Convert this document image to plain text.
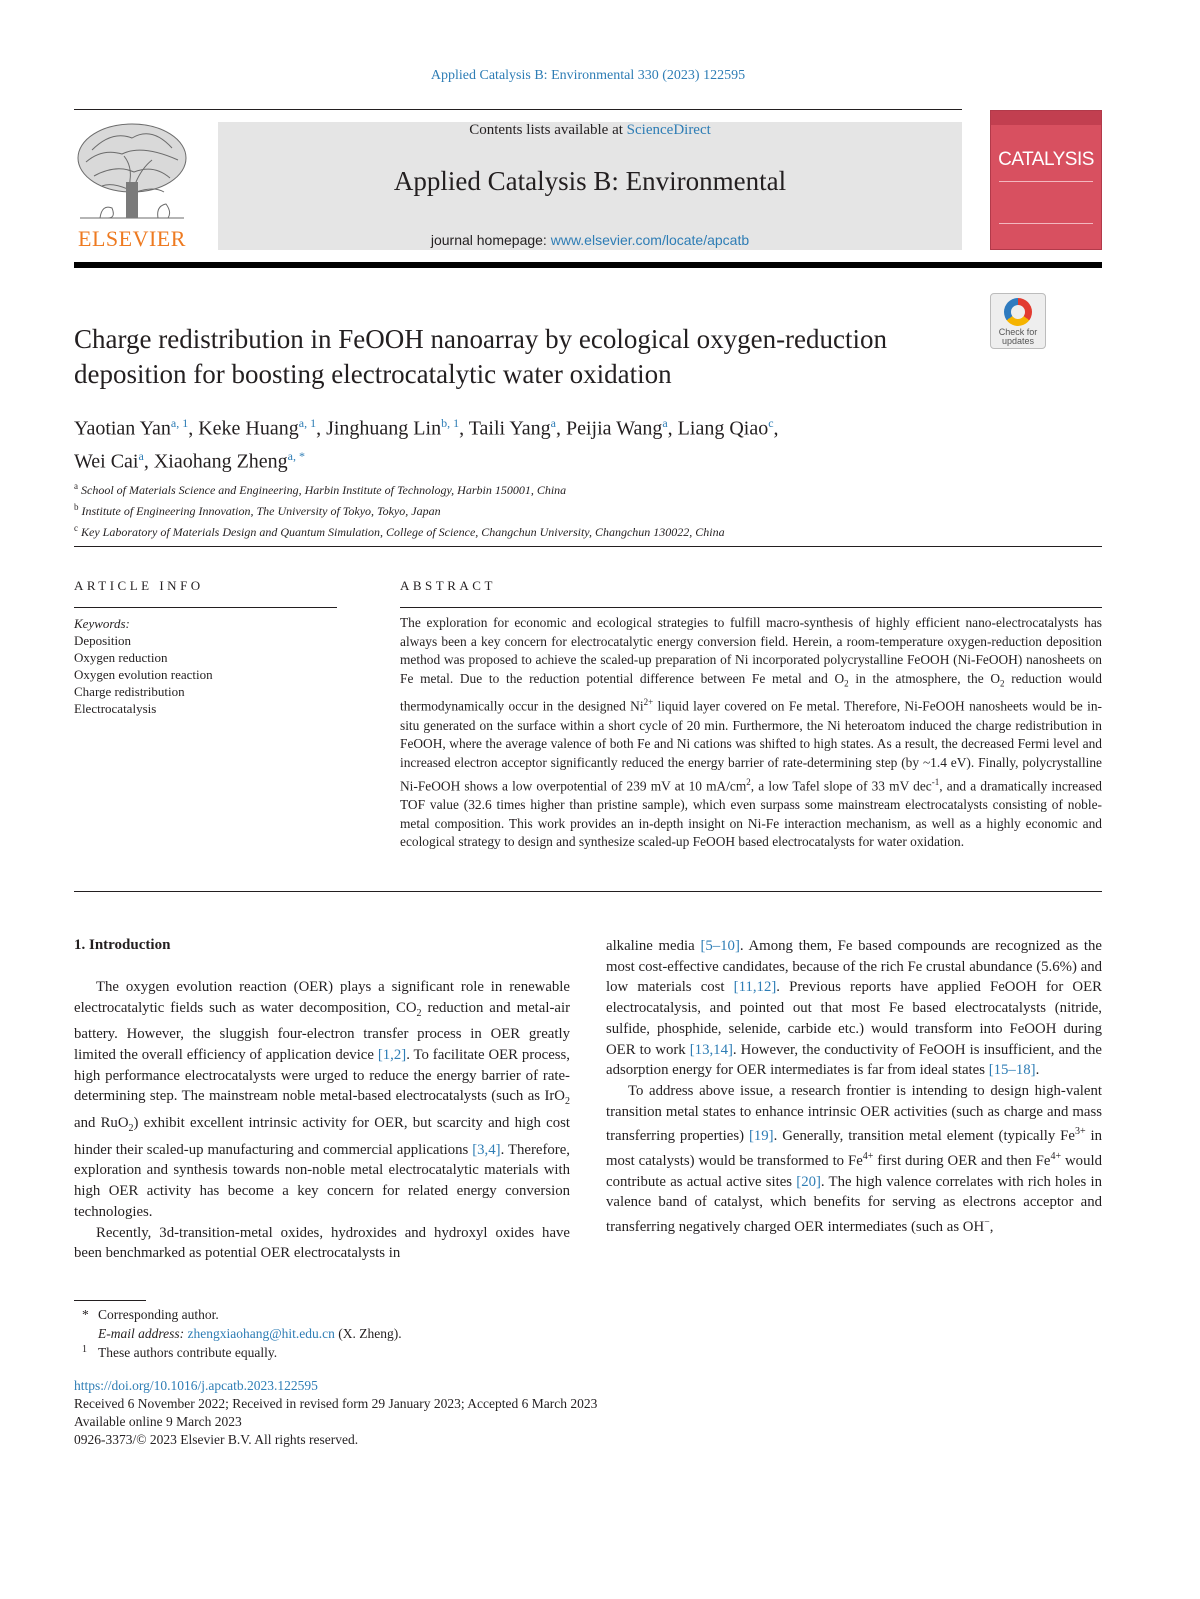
Applied Catalysis B: Environmental 330 (2023) 122595
ELSEVIER
Contents lists available at ScienceDirect
Applied Catalysis B: Environmental
journal homepage: www.elsevier.com/locate/apcatb
CATALYSIS
Charge redistribution in FeOOH nanoarray by ecological oxygen-reduction
deposition for boosting electrocatalytic water oxidation
Check for updates
Yaotian Yan$^{a, 1}$, Keke Huang$^{a, 1}$, Jinghuang Lin$^{b, 1}$, Taili Yang$^a$, Peijia Wang$^a$, Liang Qiao$^c$,
Wei Cai$^a$, Xiaohang Zheng$^{a, *}$
$^a$ School of Materials Science and Engineering, Harbin Institute of Technology, Harbin 150001, China
$^b$ Institute of Engineering Innovation, The University of Tokyo, Tokyo, Japan
$^c$ Key Laboratory of Materials Design and Quantum Simulation, College of Science, Changchun University, Changchun 130022, China
ARTICLE INFO	ABSTRACT
Keywords:
Deposition
Oxygen reduction
Oxygen evolution reaction
Charge redistribution
Electrocatalysis
The exploration for economic and ecological strategies to fulfill macro-synthesis of highly efficient nano-electrocatalysts has always been a key concern for electrocatalytic energy conversion field. Herein, a room-temperature oxygen-reduction deposition method was proposed to achieve the scaled-up preparation of Ni incorporated polycrystalline FeOOH (Ni-FeOOH) nanosheets on Fe metal. Due to the reduction potential difference between Fe metal and $O_2$ in the atmosphere, the $O_2$ reduction would thermodynamically occur in the designed $Ni^{2+}$ liquid layer covered on Fe metal. Therefore, Ni-FeOOH nanosheets would be in-situ generated on the surface within a short cycle of 20 min. Furthermore, the Ni heteroatom induced the charge redistribution in FeOOH, where the average valence of both Fe and Ni cations was shifted to high states. As a result, the decreased Fermi level and increased electron acceptor significantly reduced the energy barrier of rate-determining step (by ~1.4 eV). Finally, polycrystalline Ni-FeOOH shows a low overpotential of 239 mV at 10 $mA/cm^2$, a low Tafel slope of 33 mV dec$^{-1}$, and a dramatically increased TOF value (32.6 times higher than pristine sample), which even surpass some mainstream electrocatalysts consisting of noble-metal composition. This work provides an in-depth insight on Ni-Fe interaction mechanism, as well as a highly economic and ecological strategy to design and synthesize scaled-up FeOOH based electrocatalysts for water oxidation.
1. Introduction

The oxygen evolution reaction (OER) plays a significant role in renewable electrocatalytic fields such as water decomposition, $CO_2$ reduction and metal-air battery. However, the sluggish four-electron transfer process in OER greatly limited the overall efficiency of application device [1,2]. To facilitate OER process, high performance electrocatalysts were urged to reduce the energy barrier of rate-determining step. The mainstream noble metal-based electrocatalysts (such as IrO$_2$ and RuO$_2$) exhibit excellent intrinsic activity for OER, but scarcity and high cost hinder their scaled-up manufacturing and commercial applications [3,4]. Therefore, exploration and synthesis towards non-noble metal electrocatalytic materials with high OER activity has become a key concern for related energy conversion technologies.

Recently, 3d-transition-metal oxides, hydroxides and hydroxyl oxides have been benchmarked as potential OER electrocatalysts in

alkaline media [5–10]. Among them, Fe based compounds are recognized as the most cost-effective candidates, because of the rich Fe crustal abundance (5.6%) and low materials cost [11,12]. Previous reports have applied FeOOH for OER electrocatalysis, and pointed out that most Fe based electrocatalysts (nitride, sulfide, phosphide, selenide, carbide etc.) would transform into FeOOH during OER to work [13,14]. However, the conductivity of FeOOH is insufficient, and the adsorption energy for OER intermediates is far from ideal states [15–18].

To address above issue, a research frontier is intending to design high-valent transition metal states to enhance intrinsic OER activities (such as charge and mass transferring properties) [19]. Generally, transition metal element (typically $Fe^{3+}$ in most catalysts) would be transformed to $Fe^{4+}$ first during OER and then $Fe^{4+}$ would contribute as actual active sites [20]. The high valence correlates with rich holes in valence band of catalyst, which benefits for serving as electrons acceptor and transferring negatively charged OER intermediates (such as OH−,

* Corresponding author.
E-mail address: zhengxiaohang@hit.edu.cn (X. Zheng).
1 These authors contribute equally.
https://doi.org/10.1016/j.apcatb.2023.122595
Received 6 November 2022; Received in revised form 29 January 2023; Accepted 6 March 2023
Available online 9 March 2023
0926-3373/© 2023 Elsevier B.V. All rights reserved.
